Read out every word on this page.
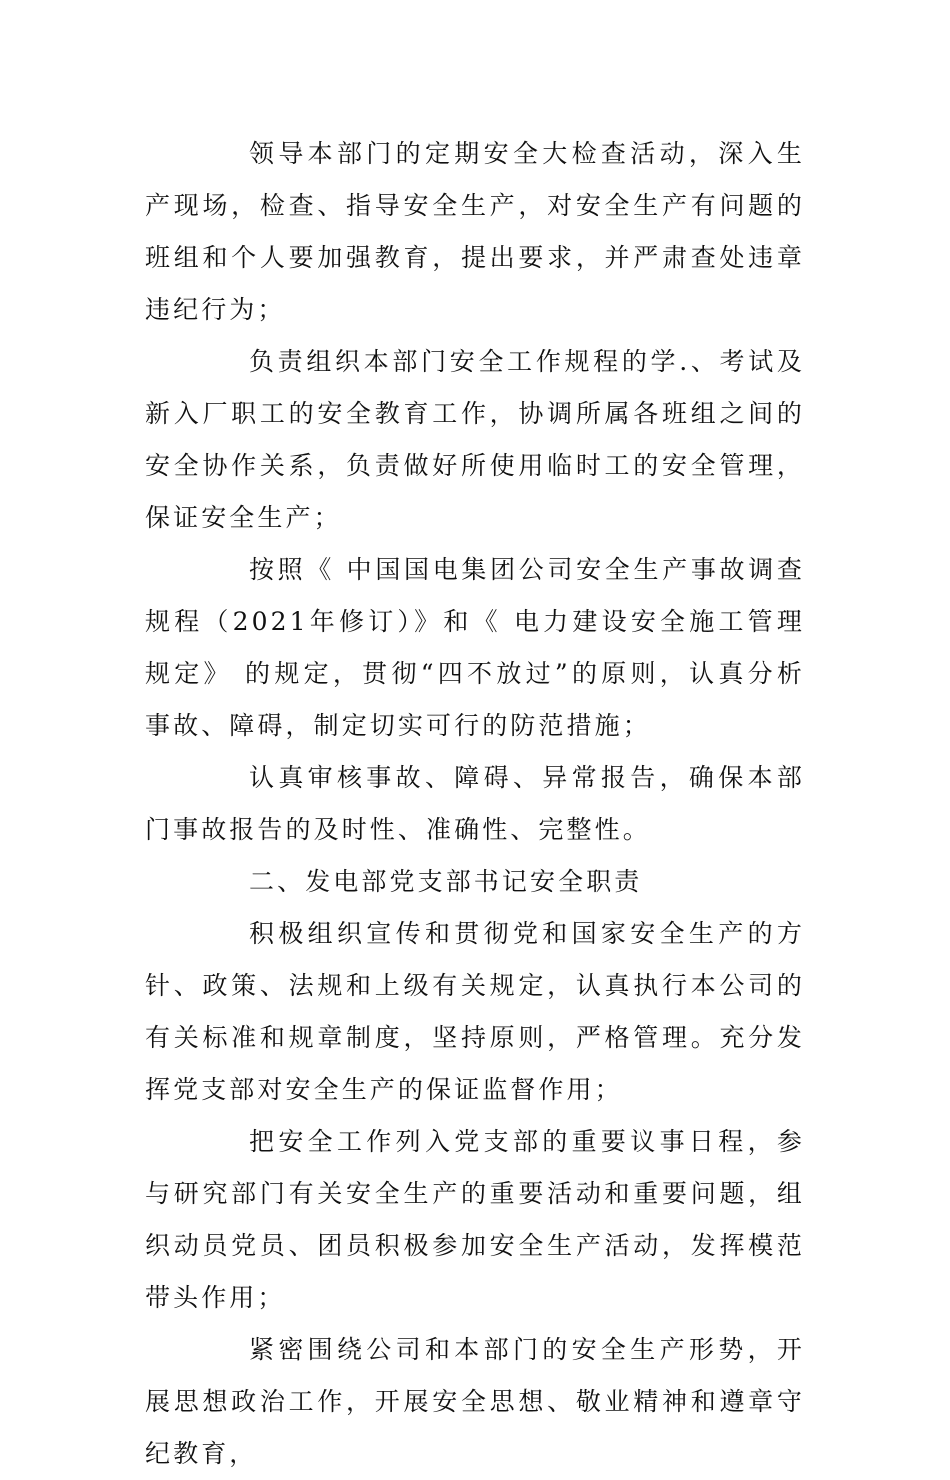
领导本部门的定期安全大检查活动，深入生产现场，检查、指导安全生产，对安全生产有问题的班组和个人要加强教育，提出要求，并严肃查处违章违纪行为；

负责组织本部门安全工作规程的学.、考试及新入厂职工的安全教育工作，协调所属各班组之间的安全协作关系，负责做好所使用临时工的安全管理，保证安全生产；

按照《 中国国电集团公司安全生产事故调查规程（2021年修订）》和《 电力建设安全施工管理规定》 的规定，贯彻“四不放过”的原则，认真分析事故、障碍，制定切实可行的防范措施；

认真审核事故、障碍、异常报告，确保本部门事故报告的及时性、准确性、完整性。

二、发电部党支部书记安全职责

积极组织宣传和贯彻党和国家安全生产的方针、政策、法规和上级有关规定，认真执行本公司的有关标准和规章制度，坚持原则，严格管理。充分发挥党支部对安全生产的保证监督作用；

把安全工作列入党支部的重要议事日程，参与研究部门有关安全生产的重要活动和重要问题，组织动员党员、团员积极参加安全生产活动，发挥模范带头作用；

紧密围绕公司和本部门的安全生产形势，开展思想政治工作，开展安全思想、敬业精神和遵章守纪教育，
